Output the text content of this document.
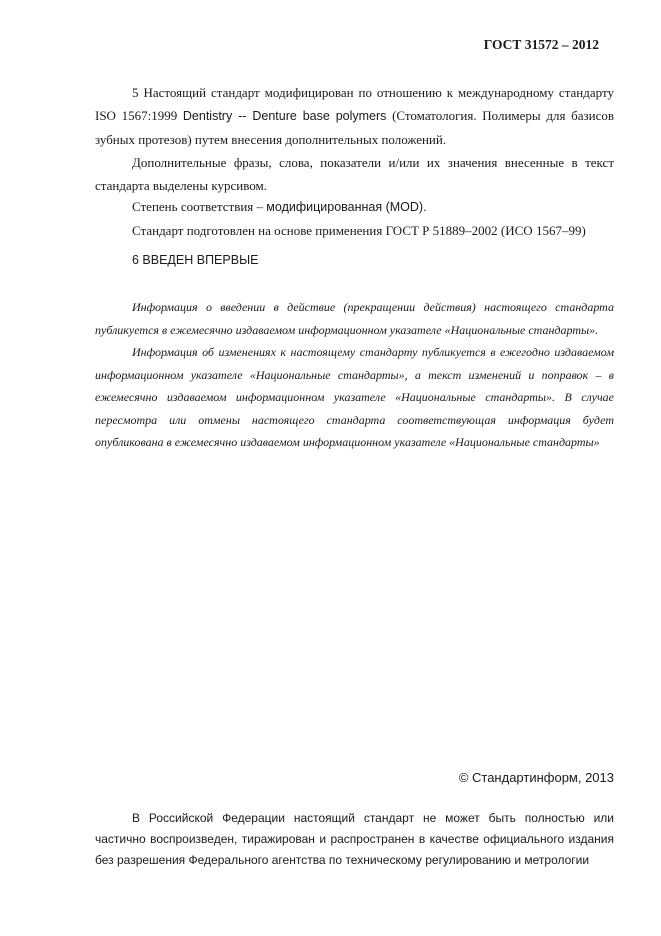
ГОСТ 31572 – 2012

5 Настоящий стандарт модифицирован по отношению к международному стандарту ISO 1567:1999 Dentistry -- Denture base polymers (Стоматология. Полимеры для базисов зубных протезов) путем внесения дополнительных положений.

Дополнительные фразы, слова, показатели и/или их значения внесенные в текст стандарта выделены курсивом.

Степень соответствия – модифицированная (MOD).
Стандарт подготовлен на основе применения ГОСТ Р 51889–2002 (ИСО 1567–99)
6 ВВЕДЕН ВПЕРВЫЕ

Информация о введении в действие (прекращении действия) настоящего стандарта публикуется в ежемесячно издаваемом информационном указателе «Национальные стандарты».

Информация об изменениях к настоящему стандарту публикуется в ежегодно издаваемом информационном указателе «Национальные стандарты», а текст изменений и поправок – в ежемесячно издаваемом информационном указателе «Национальные стандарты». В случае пересмотра или отмены настоящего стандарта соответствующая информация будет опубликована в ежемесячно издаваемом информационном указателе «Национальные стандарты»

© Стандартинформ, 2013

В Российской Федерации настоящий стандарт не может быть полностью или частично воспроизведен, тиражирован и распространен в качестве официального издания без разрешения Федерального агентства по техническому регулированию и метрологии
